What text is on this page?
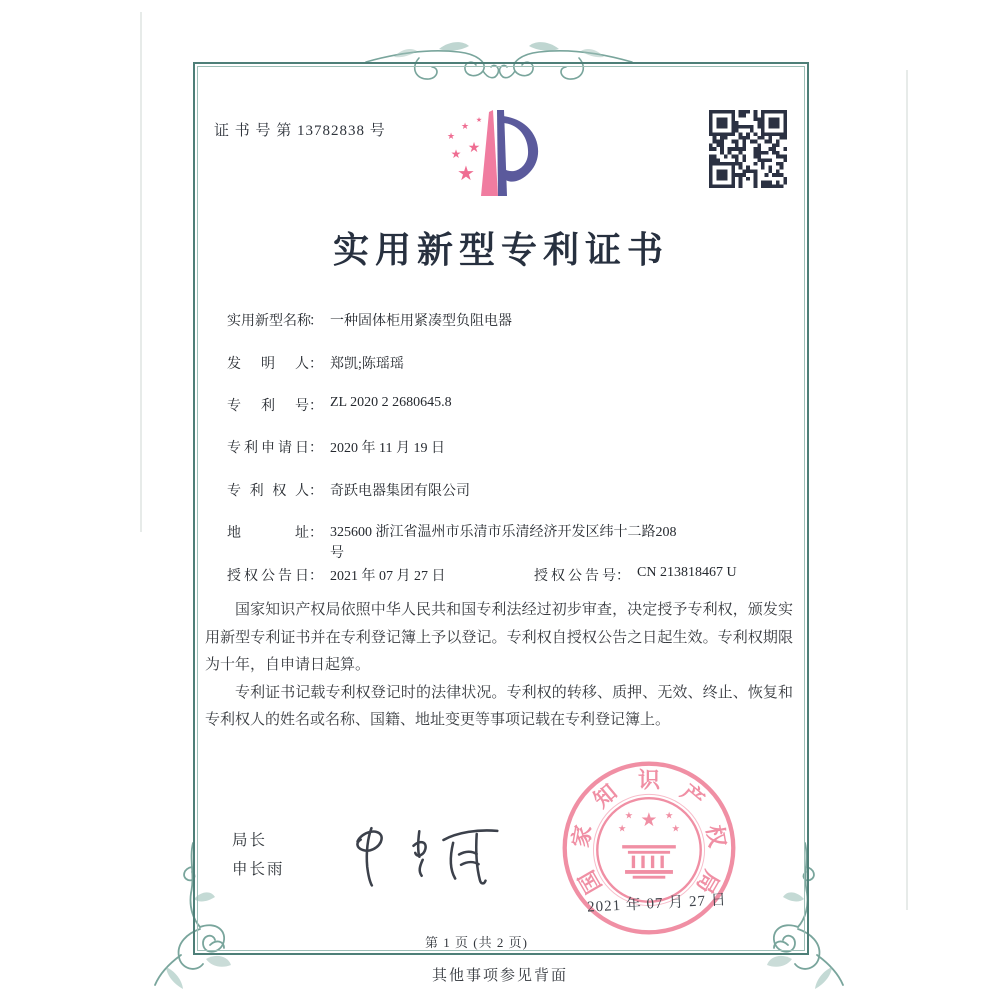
证 书 号 第 13782838 号
★
★ ★
★
★
★
实用新型专利证书
实用新型名称： 一种固体柜用紧凑型负阻电器
发明人： 郑凯;陈瑶瑶
专利号： ZL 2020 2 2680645.8
专利申请日： 2020 年 11 月 19 日
专利权人： 奇跃电器集团有限公司
地址： 325600 浙江省温州市乐清市乐清经济开发区纬十二路208号
授权公告日： 2021 年 07 月 27 日	授权公告号： CN 213818467 U

国家知识产权局依照中华人民共和国专利法经过初步审查，决定授予专利权，颁发实用新型专利证书并在专利登记簿上予以登记。专利权自授权公告之日起生效。专利权期限为十年，自申请日起算。

专利证书记载专利权登记时的法律状况。专利权的转移、质押、无效、终止、恢复和专利权人的姓名或名称、国籍、地址变更等事项记载在专利登记簿上。

局长
申长雨	国
家
知 识 产
权
局
★
★	★
★	★
2021 年 07 月 27 日
第 1 页 (共 2 页)
其他事项参见背面
